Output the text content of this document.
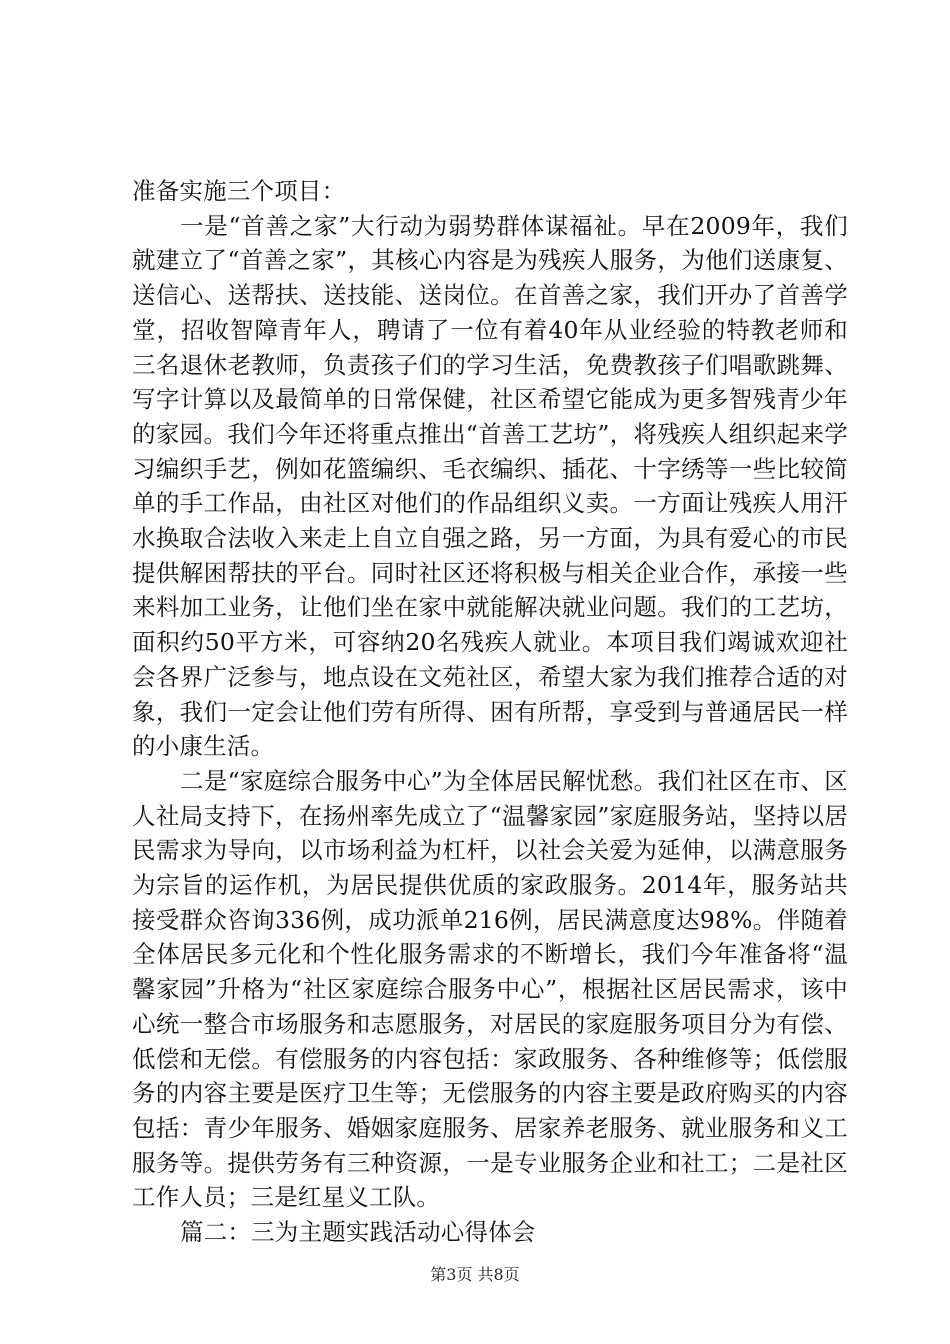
准备实施三个项目：

一是“首善之家”大行动为弱势群体谋福祉。早在2009年，我们就建立了“首善之家”，其核心内容是为残疾人服务，为他们送康复、送信心、送帮扶、送技能、送岗位。在首善之家，我们开办了首善学堂，招收智障青年人，聘请了一位有着40年从业经验的特教老师和三名退休老教师，负责孩子们的学习生活，免费教孩子们唱歌跳舞、写字计算以及最简单的日常保健，社区希望它能成为更多智残青少年的家园。我们今年还将重点推出“首善工艺坊”，将残疾人组织起来学习编织手艺，例如花篮编织、毛衣编织、插花、十字绣等一些比较简单的手工作品，由社区对他们的作品组织义卖。一方面让残疾人用汗水换取合法收入来走上自立自强之路，另一方面，为具有爱心的市民提供解困帮扶的平台。同时社区还将积极与相关企业合作，承接一些来料加工业务，让他们坐在家中就能解决就业问题。我们的工艺坊，面积约50平方米，可容纳20名残疾人就业。本项目我们竭诚欢迎社会各界广泛参与，地点设在文苑社区，希望大家为我们推荐合适的对象，我们一定会让他们劳有所得、困有所帮，享受到与普通居民一样的小康生活。

二是“家庭综合服务中心”为全体居民解忧愁。我们社区在市、区人社局支持下，在扬州率先成立了“温馨家园”家庭服务站，坚持以居民需求为导向，以市场利益为杠杆，以社会关爱为延伸，以满意服务为宗旨的运作机，为居民提供优质的家政服务。2014年，服务站共接受群众咨询336例，成功派单216例，居民满意度达98%。伴随着全体居民多元化和个性化服务需求的不断增长，我们今年准备将“温馨家园”升格为“社区家庭综合服务中心”，根据社区居民需求，该中心统一整合市场服务和志愿服务，对居民的家庭服务项目分为有偿、低偿和无偿。有偿服务的内容包括：家政服务、各种维修等；低偿服务的内容主要是医疗卫生等；无偿服务的内容主要是政府购买的内容包括：青少年服务、婚姻家庭服务、居家养老服务、就业服务和义工服务等。提供劳务有三种资源，一是专业服务企业和社工；二是社区工作人员；三是红星义工队。

篇二：三为主题实践活动心得体会

第3页 共8页
